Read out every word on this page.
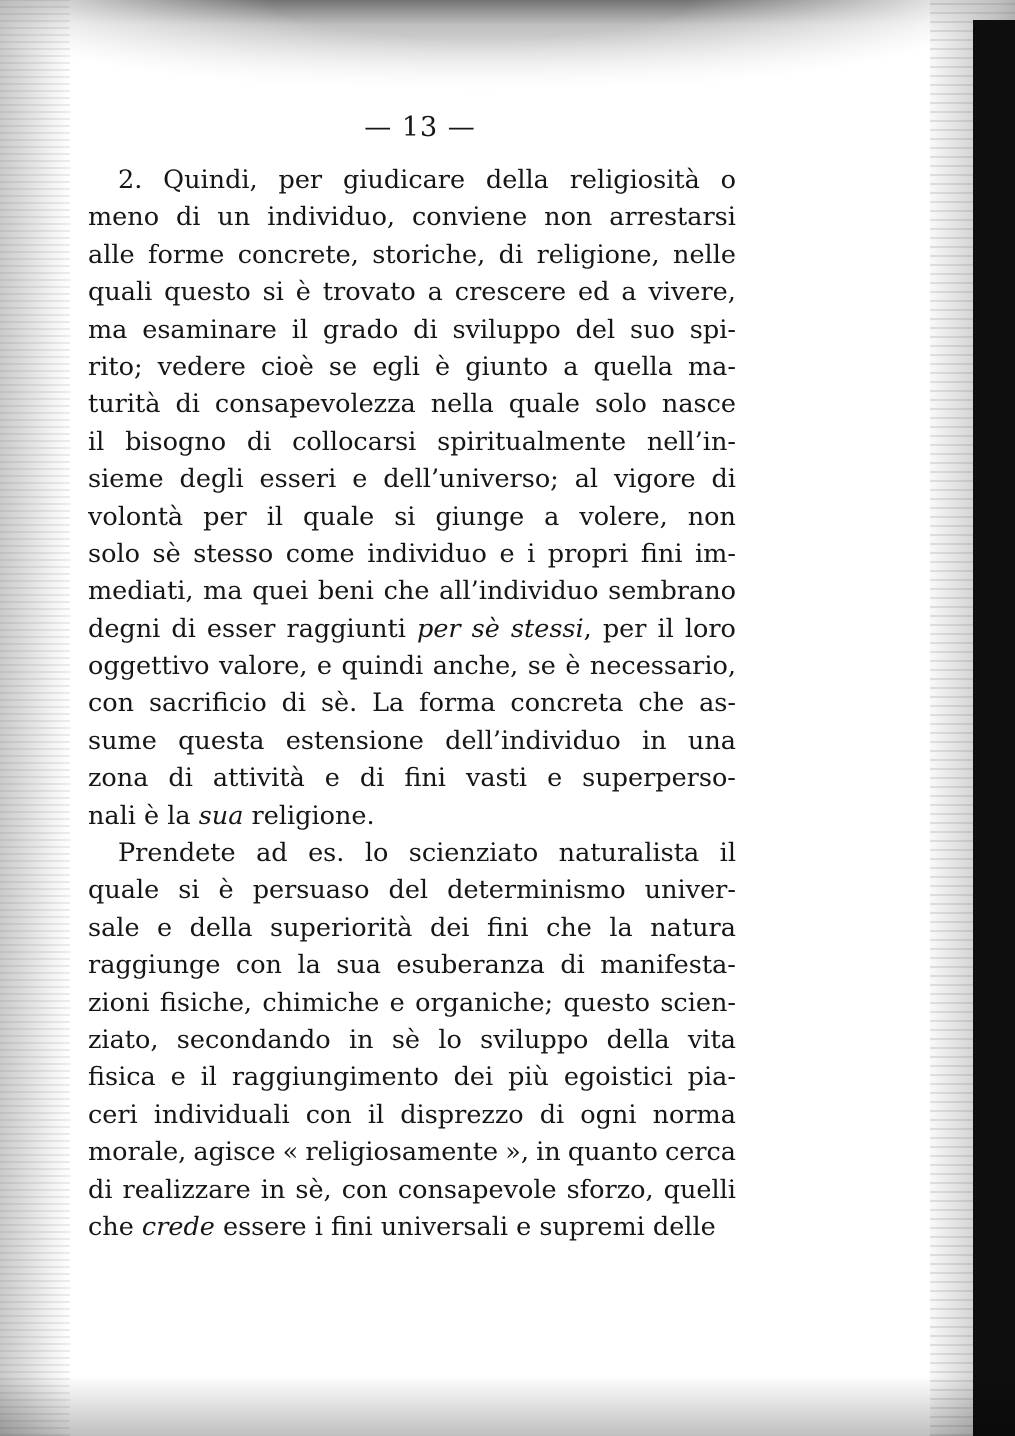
— 13 —
2. Quindi, per giudicare della religiosità o
meno di un individuo, conviene non arrestarsi
alle forme concrete, storiche, di religione, nelle
quali questo si è trovato a crescere ed a vivere,
ma esaminare il grado di sviluppo del suo spi-
rito; vedere cioè se egli è giunto a quella ma-
turità di consapevolezza nella quale solo nasce
il bisogno di collocarsi spiritualmente nell’in-
sieme degli esseri e dell’universo; al vigore di
volontà per il quale si giunge a volere, non
solo sè stesso come individuo e i propri fini im-
mediati, ma quei beni che all’individuo sembrano
degni di esser raggiunti per sè stessi, per il loro
oggettivo valore, e quindi anche, se è necessario,
con sacrificio di sè. La forma concreta che as-
sume questa estensione dell’individuo in una
zona di attività e di fini vasti e superperso-
nali è la sua religione.
Prendete ad es. lo scienziato naturalista il
quale si è persuaso del determinismo univer-
sale e della superiorità dei fini che la natura
raggiunge con la sua esuberanza di manifesta-
zioni fisiche, chimiche e organiche; questo scien-
ziato, secondando in sè lo sviluppo della vita
fisica e il raggiungimento dei più egoistici pia-
ceri individuali con il disprezzo di ogni norma
morale, agisce « religiosamente », in quanto cerca
di realizzare in sè, con consapevole sforzo, quelli
che crede essere i fini universali e supremi delle
